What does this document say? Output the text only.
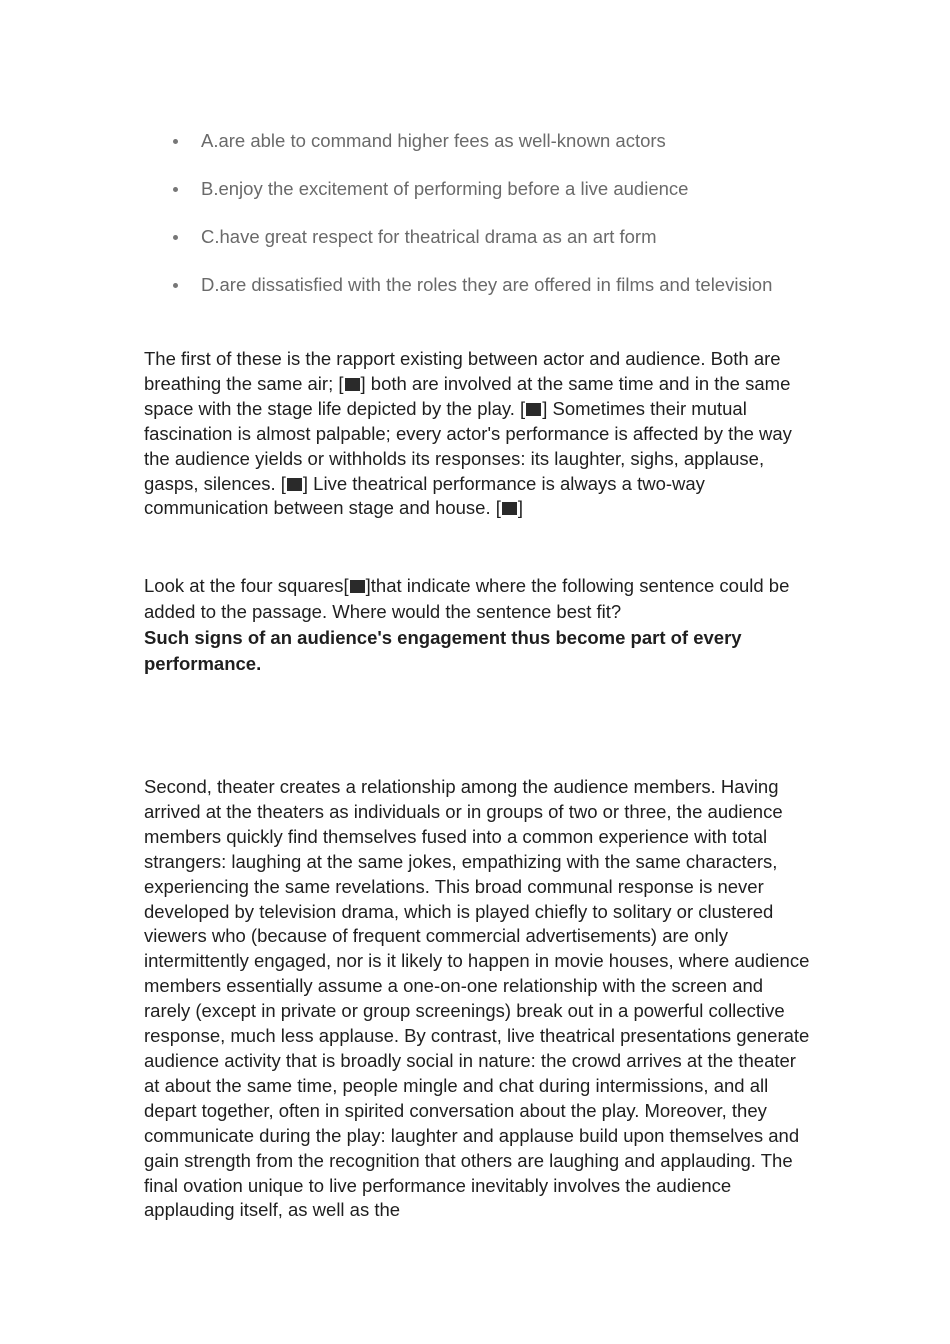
A.are able to command higher fees as well-known actors
B.enjoy the excitement of performing before a live audience
C.have great respect for theatrical drama as an art form
D.are dissatisfied with the roles they are offered in films and television

The first of these is the rapport existing between actor and audience. Both are breathing the same air; [ ] both are involved at the same time and in the same space with the stage life depicted by the play. [ ] Sometimes their mutual fascination is almost palpable; every actor's performance is affected by the way the audience yields or withholds its responses: its laughter, sighs, applause, gasps, silences. [ ] Live theatrical performance is always a two-way communication between stage and house. [ ]

Look at the four squares[ ]that indicate where the following sentence could be added to the passage. Where would the sentence best fit?

Such signs of an audience's engagement thus become part of every performance.

Second, theater creates a relationship among the audience members. Having arrived at the theaters as individuals or in groups of two or three, the audience members quickly find themselves fused into a common experience with total strangers: laughing at the same jokes, empathizing with the same characters, experiencing the same revelations. This broad communal response is never developed by television drama, which is played chiefly to solitary or clustered viewers who (because of frequent commercial advertisements) are only intermittently engaged, nor is it likely to happen in movie houses, where audience members essentially assume a one-on-one relationship with the screen and rarely (except in private or group screenings) break out in a powerful collective response, much less applause. By contrast, live theatrical presentations generate audience activity that is broadly social in nature: the crowd arrives at the theater at about the same time, people mingle and chat during intermissions, and all depart together, often in spirited conversation about the play. Moreover, they communicate during the play: laughter and applause build upon themselves and gain strength from the recognition that others are laughing and applauding. The final ovation unique to live performance inevitably involves the audience applauding itself, as well as the
